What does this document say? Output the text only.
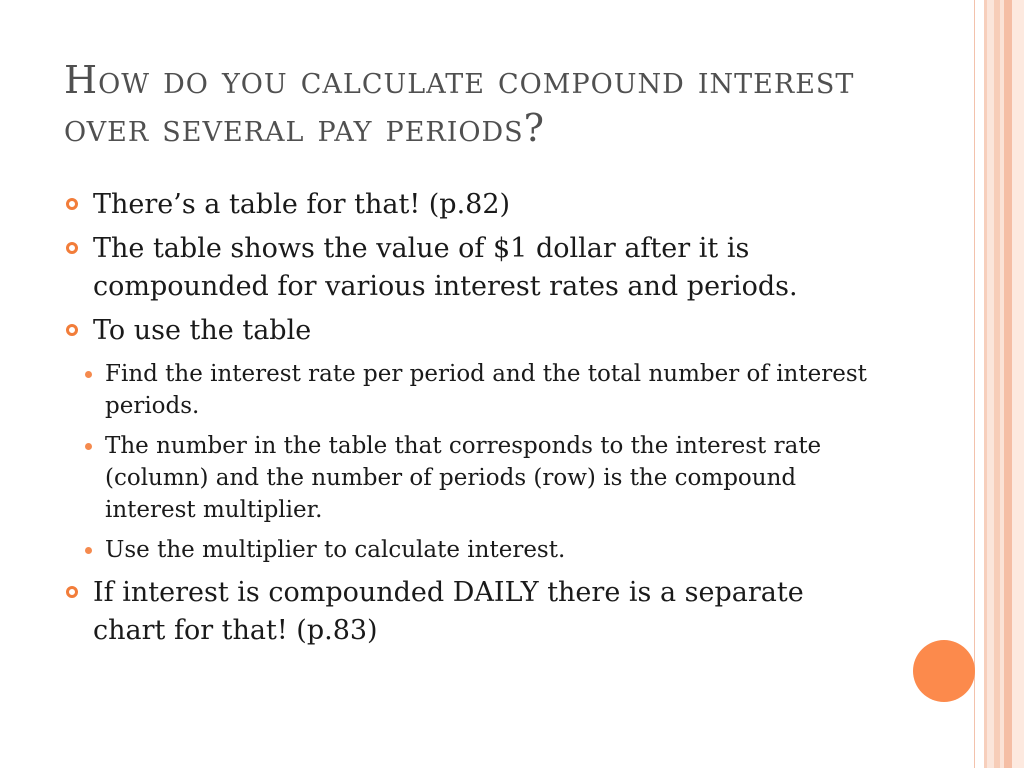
How do you calculate compound interest over several pay periods?
There’s a table for that! (p.82)
The table shows the value of $1 dollar after it is compounded for various interest rates and periods.
To use the table
Find the interest rate per period and the total number of interest periods.
The number in the table that corresponds to the interest rate (column) and the number of periods (row) is the compound interest multiplier.
Use the multiplier to calculate interest.
If interest is compounded DAILY there is a separate chart for that! (p.83)
